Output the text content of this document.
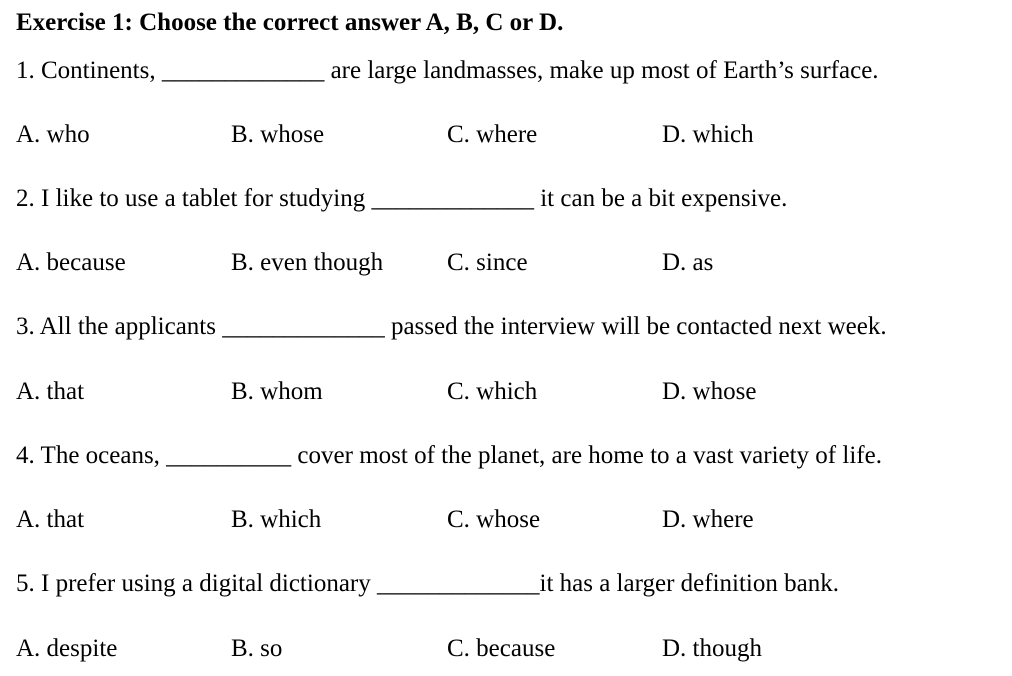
Exercise 1: Choose the correct answer A, B, C or D.
1. Continents, _____________ are large landmasses, make up most of Earth’s surface.
A. who	B. whose	C. where	D. which
2. I like to use a tablet for studying _____________ it can be a bit expensive.
A. because	B. even though	C. since	D. as
3. All the applicants _____________ passed the interview will be contacted next week.
A. that	B. whom	C. which	D. whose
4. The oceans, __________ cover most of the planet, are home to a vast variety of life.
A. that	B. which	C. whose	D. where
5. I prefer using a digital dictionary _____________it has a larger definition bank.
A. despite	B. so	C. because	D. though
